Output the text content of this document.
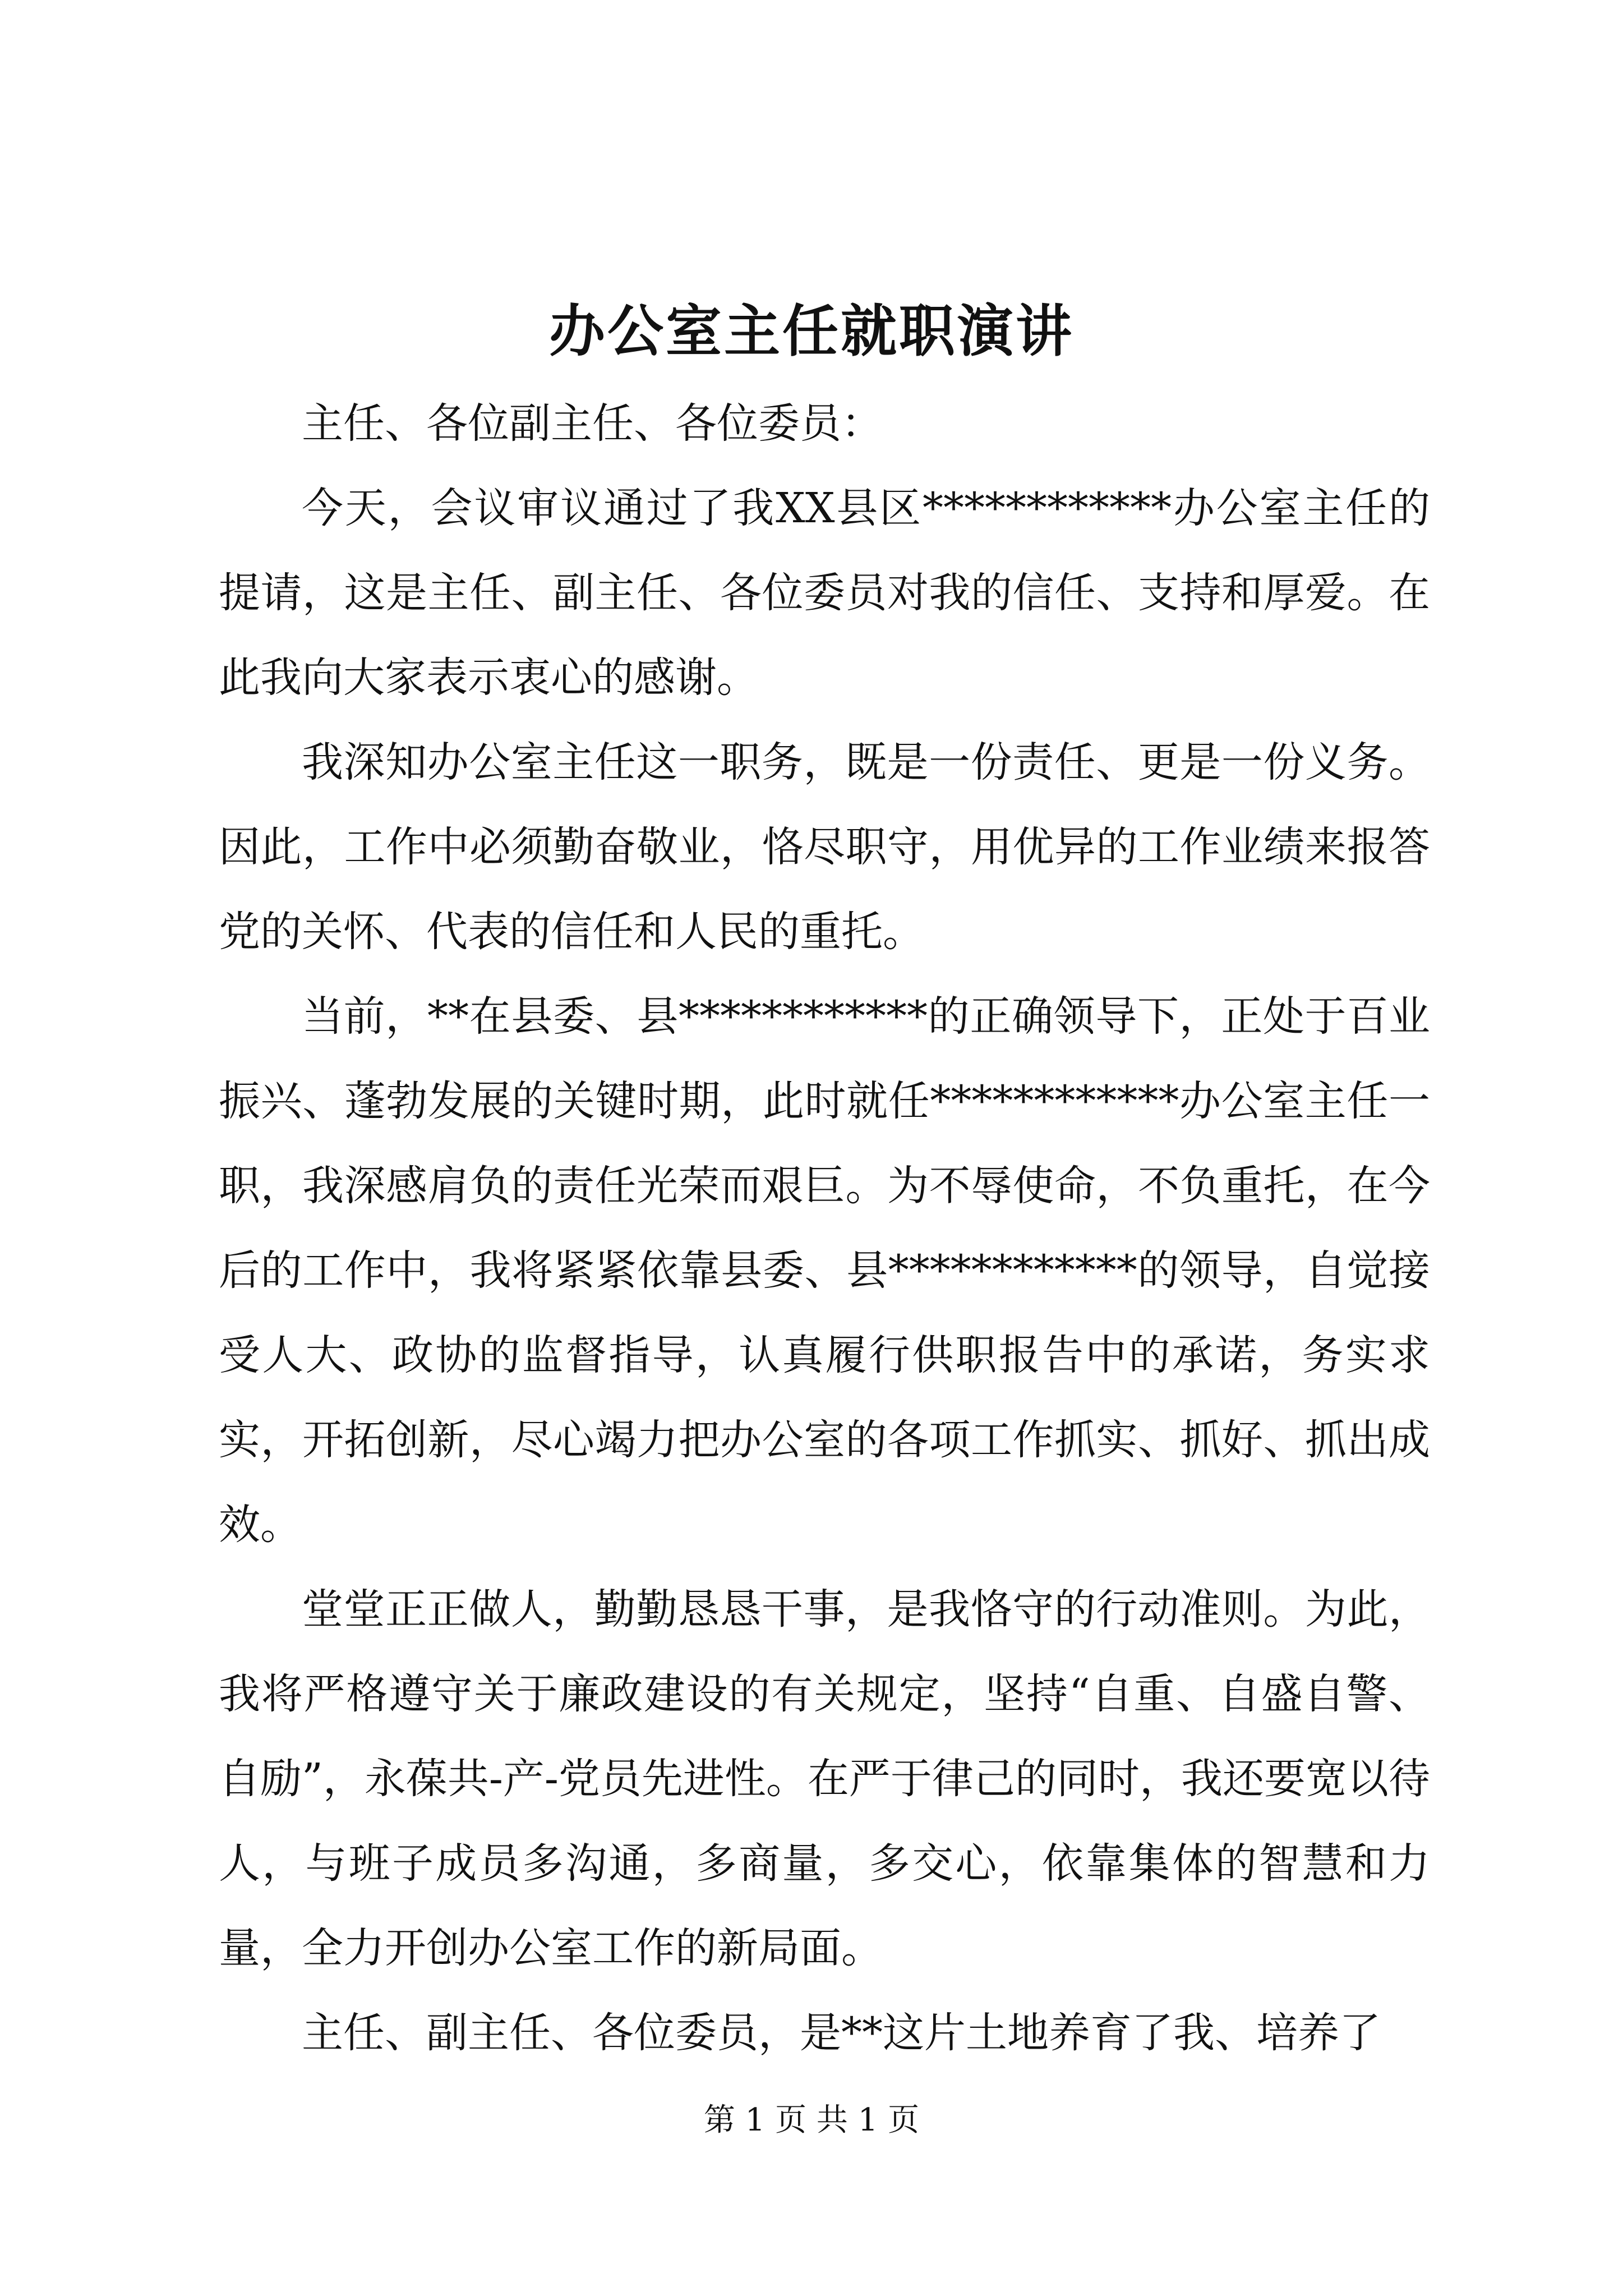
办公室主任就职演讲

主任、各位副主任、各位委员：

今天，会议审议通过了我XX县区************办公室主任的提请，这是主任、副主任、各位委员对我的信任、支持和厚爱。在此我向大家表示衷心的感谢。

我深知办公室主任这一职务，既是一份责任、更是一份义务。因此，工作中必须勤奋敬业，恪尽职守，用优异的工作业绩来报答党的关怀、代表的信任和人民的重托。

当前，**在县委、县************的正确领导下，正处于百业振兴、蓬勃发展的关键时期，此时就任************办公室主任一职，我深感肩负的责任光荣而艰巨。为不辱使命，不负重托，在今后的工作中，我将紧紧依靠县委、县************的领导，自觉接受人大、政协的监督指导，认真履行供职报告中的承诺，务实求实，开拓创新，尽心竭力把办公室的各项工作抓实、抓好、抓出成效。

堂堂正正做人，勤勤恳恳干事，是我恪守的行动准则。为此，我将严格遵守关于廉政建设的有关规定，坚持“自重、自盛自警、自励”，永葆共-产-党员先进性。在严于律己的同时，我还要宽以待人，与班子成员多沟通，多商量，多交心，依靠集体的智慧和力量，全力开创办公室工作的新局面。

主任、副主任、各位委员，是**这片土地养育了我、培养了

第 1 页 共 1 页
